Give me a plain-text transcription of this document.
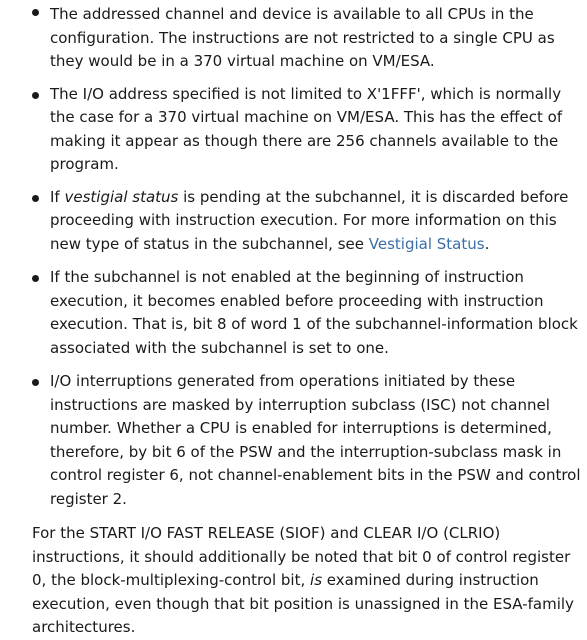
The addressed channel and device is available to all CPUs in the configuration. The instructions are not restricted to a single CPU as they would be in a 370 virtual machine on VM/ESA.
The I/O address specified is not limited to X'1FFF', which is normally the case for a 370 virtual machine on VM/ESA. This has the effect of making it appear as though there are 256 channels available to the program.
If vestigial status is pending at the subchannel, it is discarded before proceeding with instruction execution. For more information on this new type of status in the subchannel, see Vestigial Status.
If the subchannel is not enabled at the beginning of instruction execution, it becomes enabled before proceeding with instruction execution. That is, bit 8 of word 1 of the subchannel-information block associated with the subchannel is set to one.
I/O interruptions generated from operations initiated by these instructions are masked by interruption subclass (ISC) not channel number. Whether a CPU is enabled for interruptions is determined, therefore, by bit 6 of the PSW and the interruption-subclass mask in control register 6, not channel-enablement bits in the PSW and control register 2.

For the START I/O FAST RELEASE (SIOF) and CLEAR I/O (CLRIO) instructions, it should additionally be noted that bit 0 of control register 0, the block-multiplexing-control bit, is examined during instruction execution, even though that bit position is unassigned in the ESA-family architectures.
